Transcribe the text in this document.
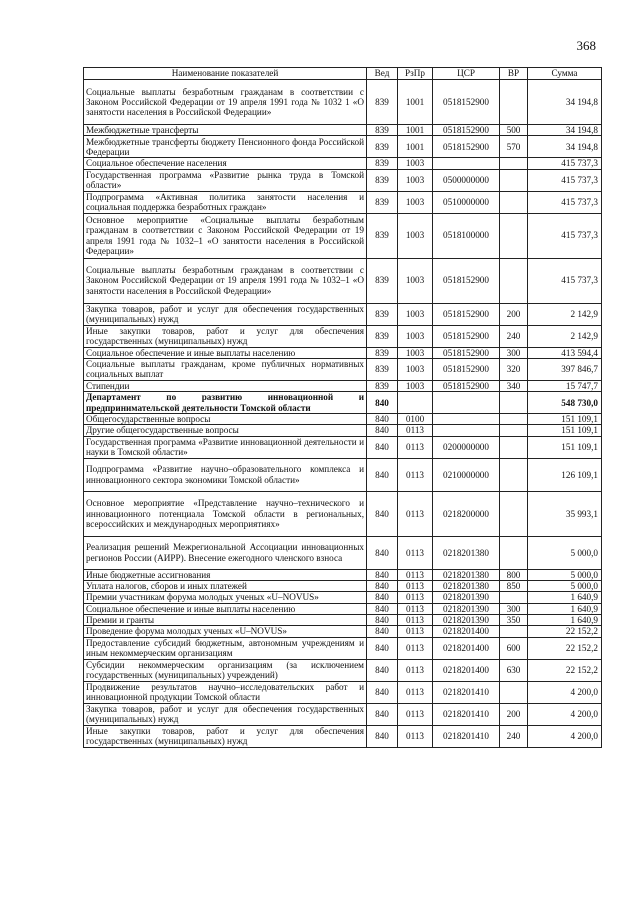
368
Наименование показателей	Вед	РзПр	ЦСР	ВР	Сумма
Социальные выплаты безработным гражданам в соответствии с Законом Российской Федерации от 19 апреля 1991 года № 1032 1 «О занятости населения в Российской Федерации»	839	1001	0518152900		34 194,8
Межбюджетные трансферты	839	1001	0518152900	500	34 194,8
Межбюджетные трансферты бюджету Пенсионного фонда Российской Федерации	839	1001	0518152900	570	34 194,8
Социальное обеспечение населения	839	1003			415 737,3
Государственная программа «Развитие рынка труда в Томской области»	839	1003	0500000000		415 737,3
Подпрограмма «Активная политика занятости населения и социальная поддержка безработных граждан»	839	1003	0510000000		415 737,3
Основное мероприятие «Социальные выплаты безработным гражданам в соответствии с Законом Российской Федерации от 19 апреля 1991 года № 1032–1 «О занятости населения в Российской Федерации»	839	1003	0518100000		415 737,3
Социальные выплаты безработным гражданам в соответствии с Законом Российской Федерации от 19 апреля 1991 года № 1032–1 «О занятости населения в Российской Федерации»	839	1003	0518152900		415 737,3
Закупка товаров, работ и услуг для обеспечения государственных (муниципальных) нужд	839	1003	0518152900	200	2 142,9
Иные закупки товаров, работ и услуг для обеспечения государственных (муниципальных) нужд	839	1003	0518152900	240	2 142,9
Социальное обеспечение и иные выплаты населению	839	1003	0518152900	300	413 594,4
Социальные выплаты гражданам, кроме публичных нормативных социальных выплат	839	1003	0518152900	320	397 846,7
Стипендии	839	1003	0518152900	340	15 747,7
Департамент по развитию инновационной и предпринимательской деятельности Томской области	840				548 730,0
Общегосударственные вопросы	840	0100			151 109,1
Другие общегосударственные вопросы	840	0113			151 109,1
Государственная программа «Развитие инновационной деятельности и науки в Томской области»	840	0113	0200000000		151 109,1
Подпрограмма «Развитие научно–образовательного комплекса и инновационного сектора экономики Томской области»	840	0113	0210000000		126 109,1
Основное мероприятие «Представление научно–технического и инновационного потенциала Томской области в региональных, всероссийских и международных мероприятиях»	840	0113	0218200000		35 993,1
Реализация решений Межрегиональной Ассоциации инновационных регионов России (АИРР). Внесение ежегодного членского взноса	840	0113	0218201380		5 000,0
Иные бюджетные ассигнования	840	0113	0218201380	800	5 000,0
Уплата налогов, сборов и иных платежей	840	0113	0218201380	850	5 000,0
Премии участникам форума молодых ученых «U–NOVUS»	840	0113	0218201390		1 640,9
Социальное обеспечение и иные выплаты населению	840	0113	0218201390	300	1 640,9
Премии и гранты	840	0113	0218201390	350	1 640,9
Проведение форума молодых ученых «U–NOVUS»	840	0113	0218201400		22 152,2
Предоставление субсидий бюджетным, автономным учреждениям и иным некоммерческим организациям	840	0113	0218201400	600	22 152,2
Субсидии некоммерческим организациям (за исключением государственных (муниципальных) учреждений)	840	0113	0218201400	630	22 152,2
Продвижение результатов научно–исследовательских работ и инновационной продукции Томской области	840	0113	0218201410		4 200,0
Закупка товаров, работ и услуг для обеспечения государственных (муниципальных) нужд	840	0113	0218201410	200	4 200,0
Иные закупки товаров, работ и услуг для обеспечения государственных (муниципальных) нужд	840	0113	0218201410	240	4 200,0
